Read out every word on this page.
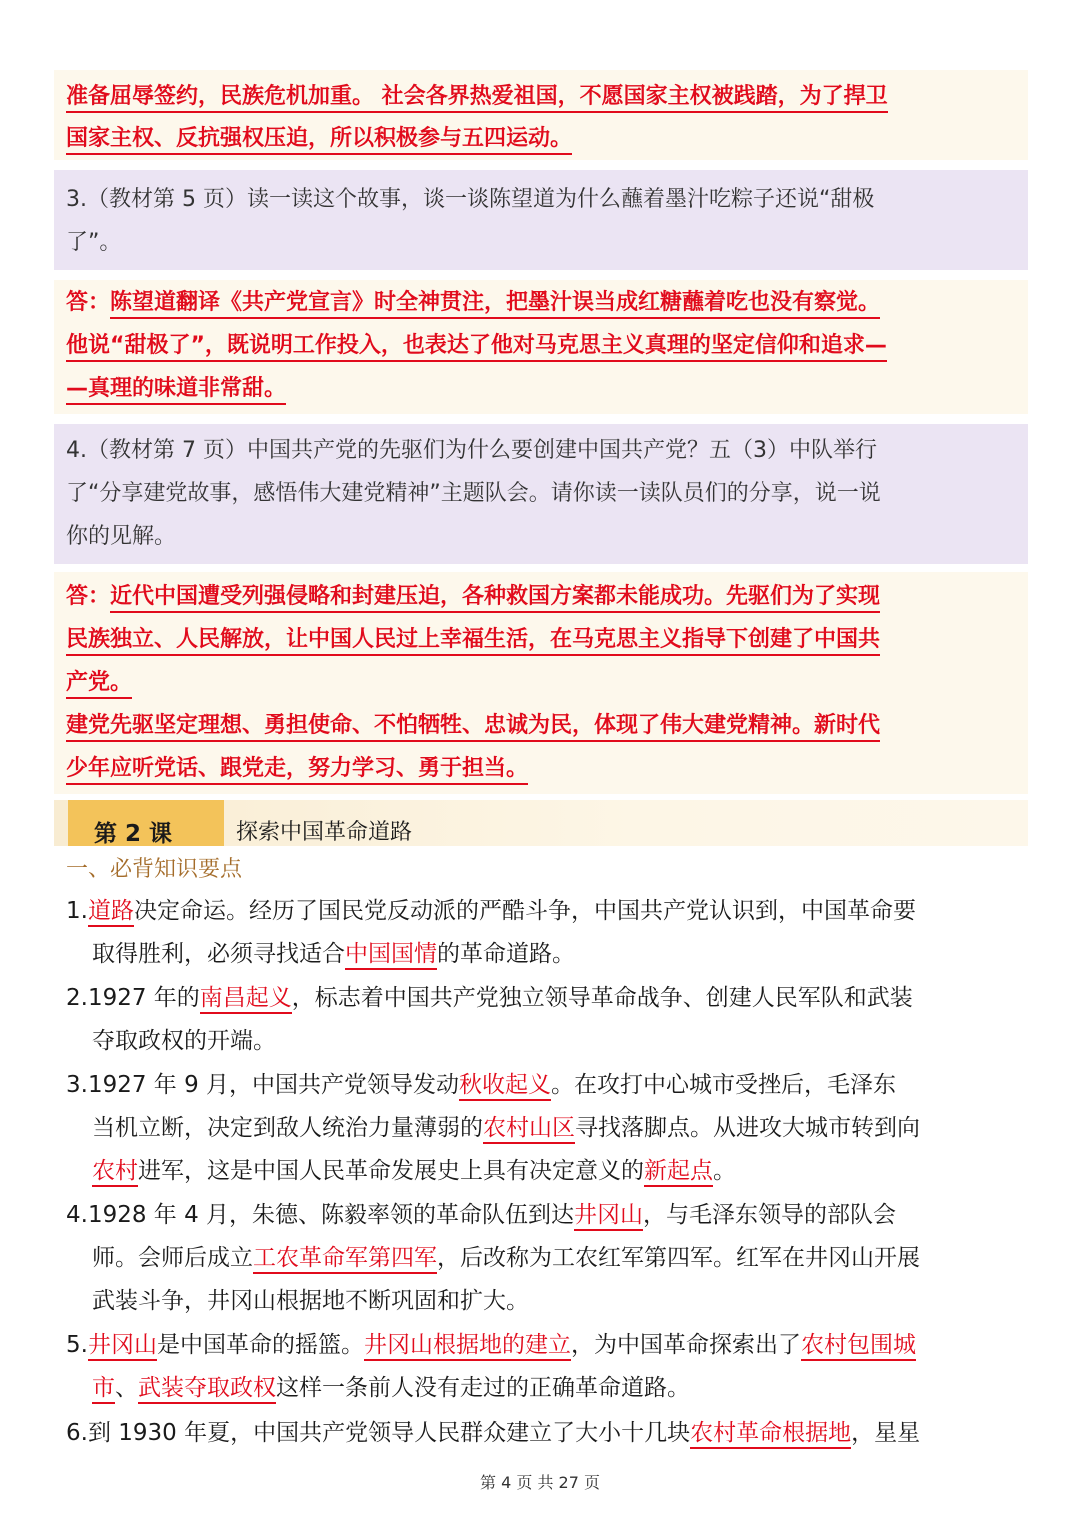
准备屈辱签约，民族危机加重。 社会各界热爱祖国，不愿国家主权被践踏，为了捍卫
国家主权、反抗强权压迫，所以积极参与五四运动。
3.（教材第 5 页）读一读这个故事，谈一谈陈望道为什么蘸着墨汁吃粽子还说“甜极
了”。
答：陈望道翻译《共产党宣言》时全神贯注，把墨汁误当成红糖蘸着吃也没有察觉。
他说“甜极了”，既说明工作投入，也表达了他对马克思主义真理的坚定信仰和追求—
—真理的味道非常甜。
4.（教材第 7 页）中国共产党的先驱们为什么要创建中国共产党？五（3）中队举行
了“分享建党故事，感悟伟大建党精神”主题队会。请你读一读队员们的分享，说一说
你的见解。
答：近代中国遭受列强侵略和封建压迫，各种救国方案都未能成功。先驱们为了实现
民族独立、人民解放，让中国人民过上幸福生活，在马克思主义指导下创建了中国共
产党。
建党先驱坚定理想、勇担使命、不怕牺牲、忠诚为民，体现了伟大建党精神。新时代
少年应听党话、跟党走，努力学习、勇于担当。
第 2 课	探索中国革命道路
一、必背知识要点
1.道路决定命运。经历了国民党反动派的严酷斗争，中国共产党认识到，中国革命要
取得胜利，必须寻找适合中国国情的革命道路。
2.1927 年的南昌起义，标志着中国共产党独立领导革命战争、创建人民军队和武装
夺取政权的开端。
3.1927 年 9 月，中国共产党领导发动秋收起义。在攻打中心城市受挫后，毛泽东
当机立断，决定到敌人统治力量薄弱的农村山区寻找落脚点。从进攻大城市转到向
农村进军，这是中国人民革命发展史上具有决定意义的新起点。
4.1928 年 4 月，朱德、陈毅率领的革命队伍到达井冈山，与毛泽东领导的部队会
师。会师后成立工农革命军第四军，后改称为工农红军第四军。红军在井冈山开展
武装斗争，井冈山根据地不断巩固和扩大。
5.井冈山是中国革命的摇篮。井冈山根据地的建立，为中国革命探索出了农村包围城
市、武装夺取政权这样一条前人没有走过的正确革命道路。
6.到 1930 年夏，中国共产党领导人民群众建立了大小十几块农村革命根据地，星星
第 4 页 共 27 页
